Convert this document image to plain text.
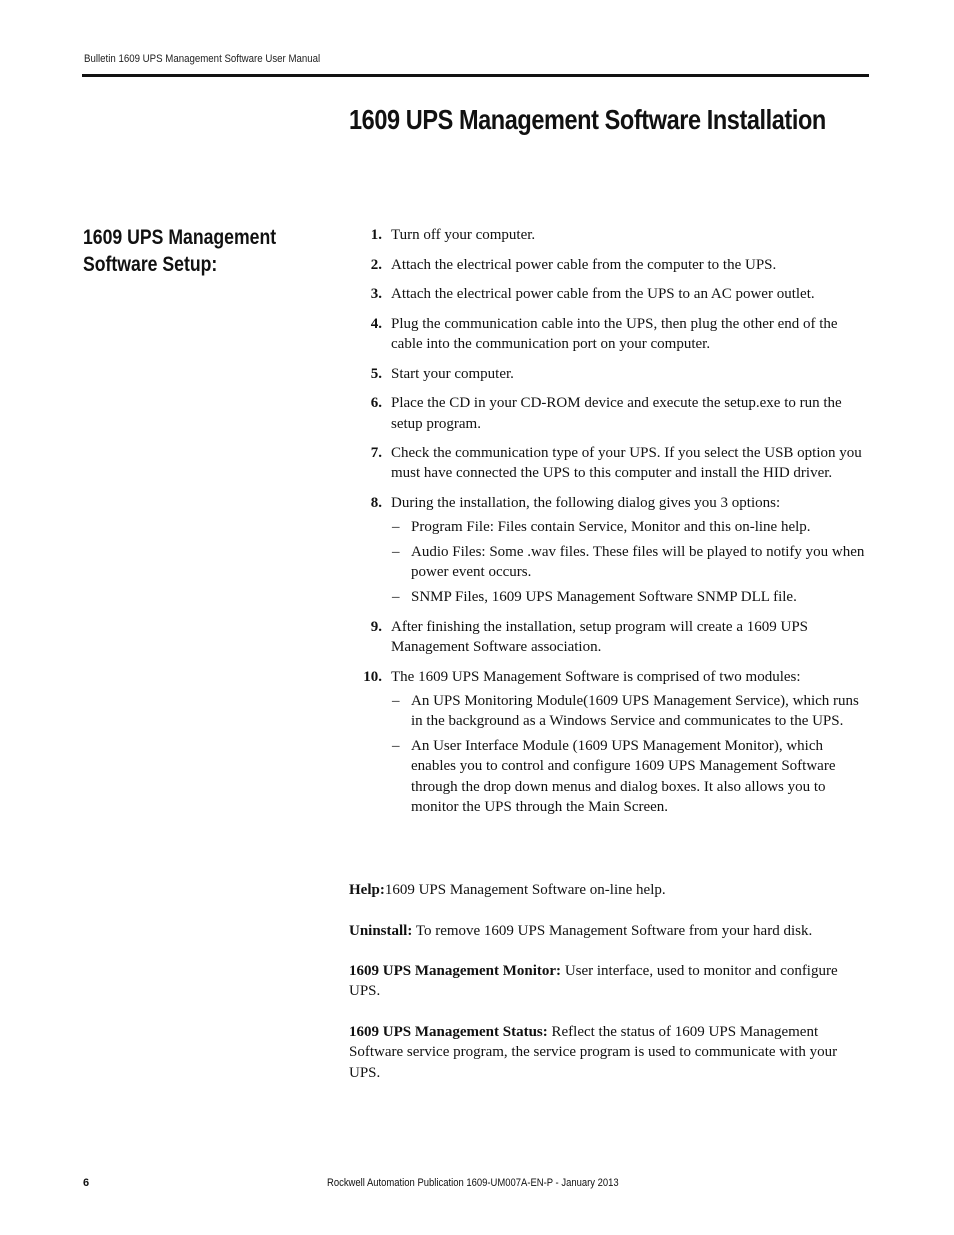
Bulletin 1609 UPS Management Software User Manual
1609 UPS Management Software Installation
1609 UPS Management Software Setup:
1. Turn off your computer.
2. Attach the electrical power cable from the computer to the UPS.
3. Attach the electrical power cable from the UPS to an AC power outlet.
4. Plug the communication cable into the UPS, then plug the other end of the cable into the communication port on your computer.
5. Start your computer.
6. Place the CD in your CD-ROM device and execute the setup.exe to run the setup program.
7. Check the communication type of your UPS. If you select the USB option you must have connected the UPS to this computer and install the HID driver.
8. During the installation, the following dialog gives you 3 options:
– Program File: Files contain Service, Monitor and this on-line help.
– Audio Files: Some .wav files. These files will be played to notify you when power event occurs.
– SNMP Files, 1609 UPS Management Software SNMP DLL file.
9. After finishing the installation, setup program will create a 1609 UPS Management Software association.
10. The 1609 UPS Management Software is comprised of two modules:
– An UPS Monitoring Module(1609 UPS Management Service), which runs in the background as a Windows Service and communicates to the UPS.
– An User Interface Module (1609 UPS Management Monitor), which enables you to control and configure 1609 UPS Management Software through the drop down menus and dialog boxes. It also allows you to monitor the UPS through the Main Screen.

Help:1609 UPS Management Software on-line help.

Uninstall: To remove 1609 UPS Management Software from your hard disk.

1609 UPS Management Monitor: User interface, used to monitor and configure UPS.

1609 UPS Management Status: Reflect the status of 1609 UPS Management Software service program, the service program is used to communicate with your UPS.

6	Rockwell Automation Publication 1609-UM007A-EN-P - January 2013
